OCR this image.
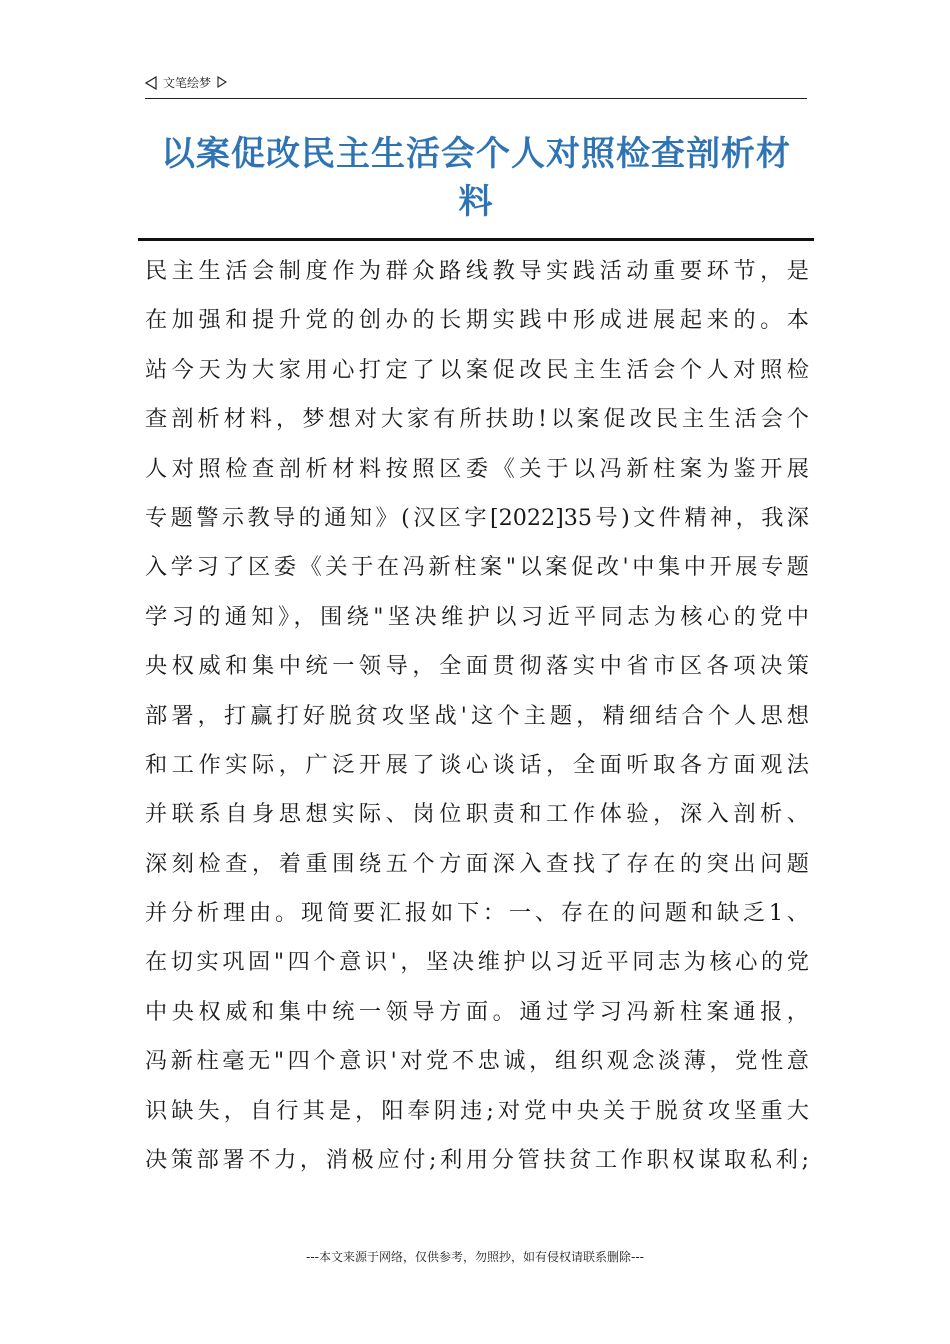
文笔绘梦
以案促改民主生活会个人对照检查剖析材
料
民主生活会制度作为群众路线教导实践活动重要环节，是
在加强和提升党的创办的长期实践中形成进展起来的。本
站今天为大家用心打定了以案促改民主生活会个人对照检
查剖析材料，梦想对大家有所扶助!以案促改民主生活会个
人对照检查剖析材料按照区委《关于以冯新柱案为鉴开展
专题警示教导的通知》(汉区字[2022]35号)文件精神，我深
入学习了区委《关于在冯新柱案"以案促改'中集中开展专题
学习的通知》，围绕"坚决维护以习近平同志为核心的党中
央权威和集中统一领导，全面贯彻落实中省市区各项决策
部署，打赢打好脱贫攻坚战'这个主题，精细结合个人思想
和工作实际，广泛开展了谈心谈话，全面听取各方面观法
并联系自身思想实际、岗位职责和工作体验，深入剖析、
深刻检查，着重围绕五个方面深入查找了存在的突出问题
并分析理由。现简要汇报如下：一、存在的问题和缺乏1、
在切实巩固"四个意识'，坚决维护以习近平同志为核心的党
中央权威和集中统一领导方面。通过学习冯新柱案通报，
冯新柱毫无"四个意识'对党不忠诚，组织观念淡薄，党性意
识缺失，自行其是，阳奉阴违;对党中央关于脱贫攻坚重大
决策部署不力，消极应付;利用分管扶贫工作职权谋取私利;
---本文来源于网络，仅供参考，勿照抄，如有侵权请联系删除---
